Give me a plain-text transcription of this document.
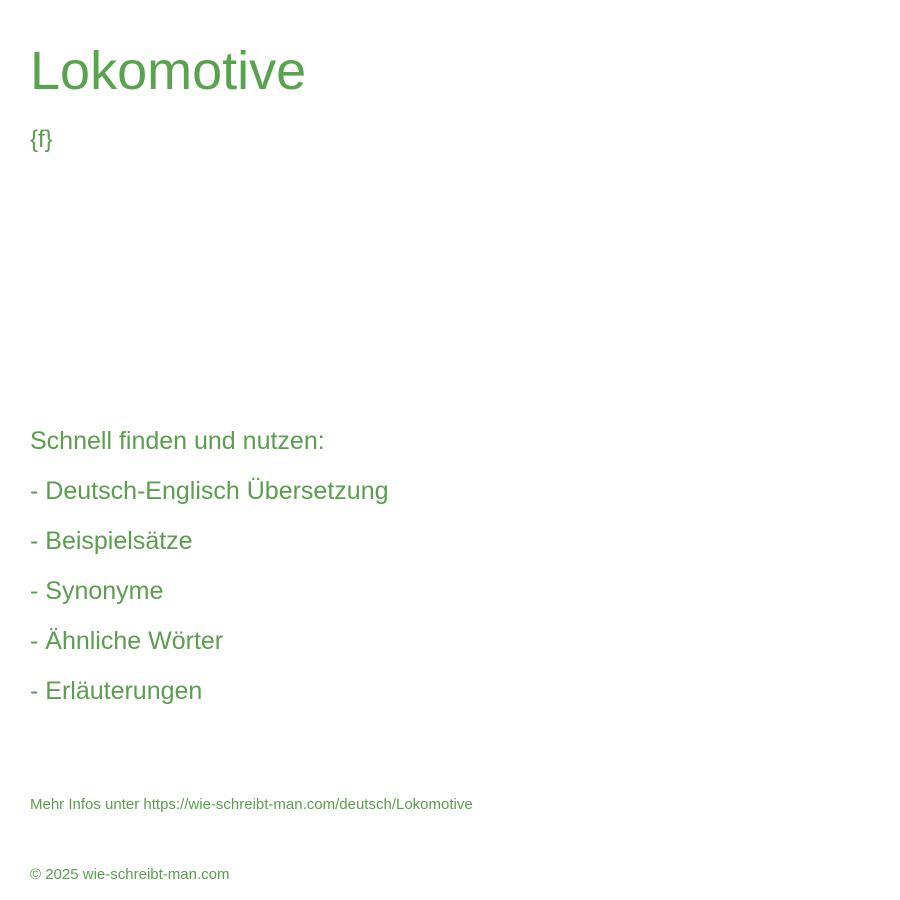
Lokomotive
{f}
Schnell finden und nutzen:
- Deutsch-Englisch Übersetzung
- Beispielsätze
- Synonyme
- Ähnliche Wörter
- Erläuterungen
Mehr Infos unter https://wie-schreibt-man.com/deutsch/Lokomotive
© 2025 wie-schreibt-man.com
